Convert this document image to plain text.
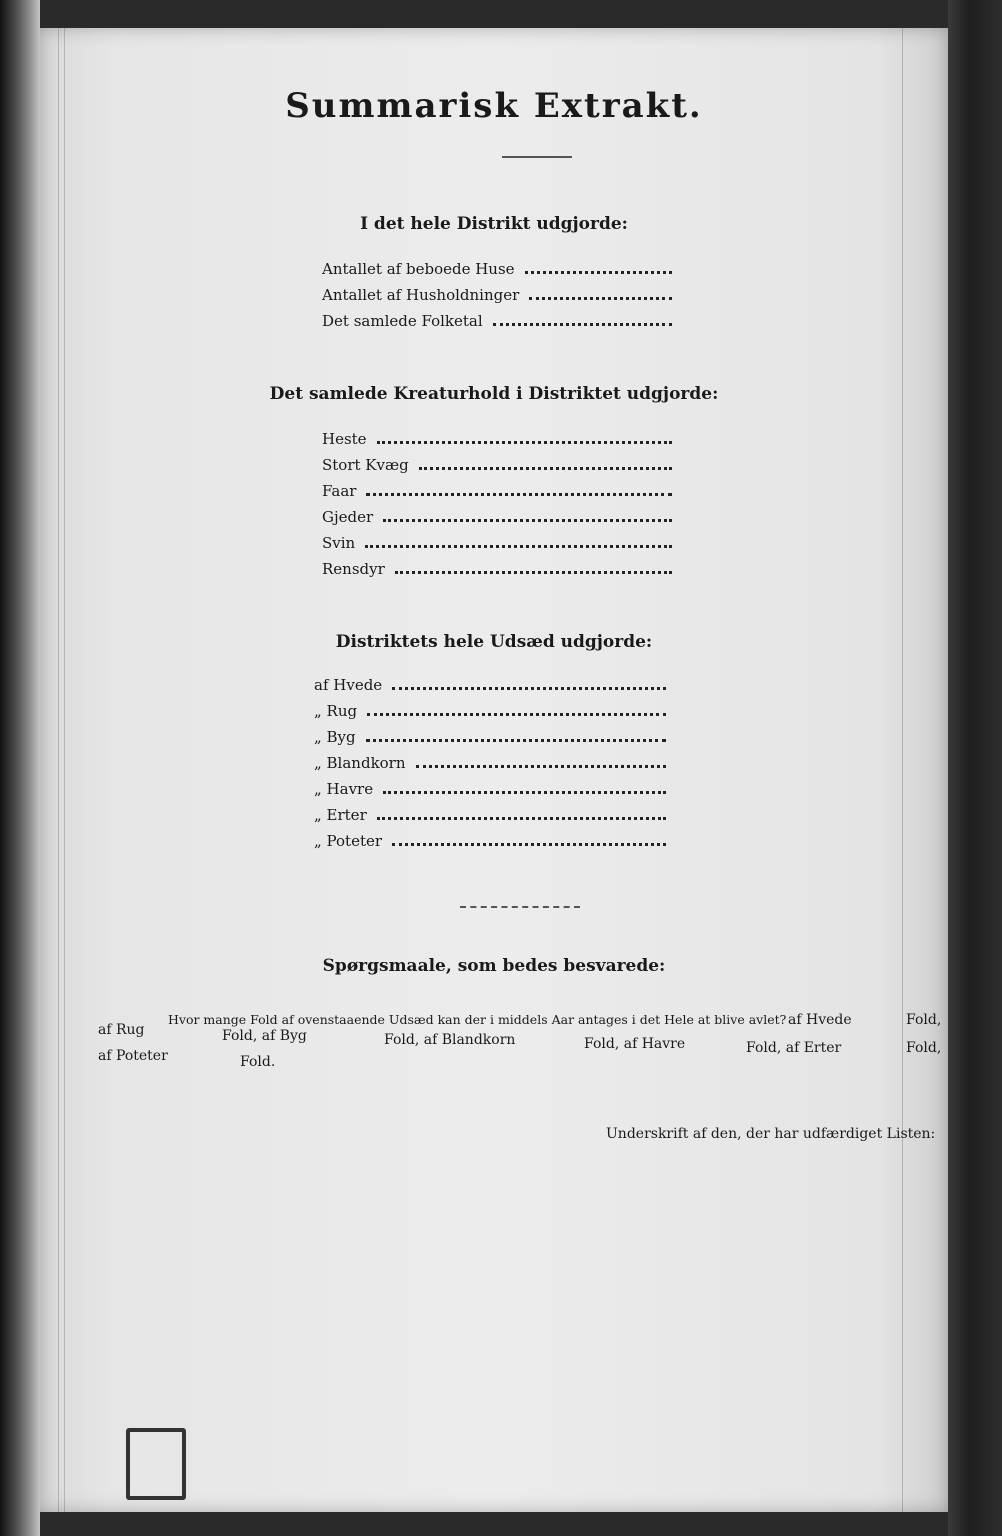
Summarisk Extrakt.
I det hele Distrikt udgjorde:
Antallet af beboede Huse
Antallet af Husholdninger
Det samlede Folketal
Det samlede Kreaturhold i Distriktet udgjorde:
Heste
Stort Kvæg
Faar
Gjeder
Svin
Rensdyr
Distriktets hele Udsæd udgjorde:
af Hvede
„ Rug
„ Byg
„ Blandkorn
„ Havre
„ Erter
„ Poteter
Spørgsmaale, som bedes besvarede:
Hvor mange Fold af ovenstaaende Udsæd kan der i middels Aar antages i det Hele at blive avlet? af Hvede	Fold,
af Rug	Fold, af Byg	Fold, af Blandkorn	Fold, af Havre	Fold, af Erter	Fold,
af Poteter	Fold.
Underskrift af den, der har udfærdiget Listen:
